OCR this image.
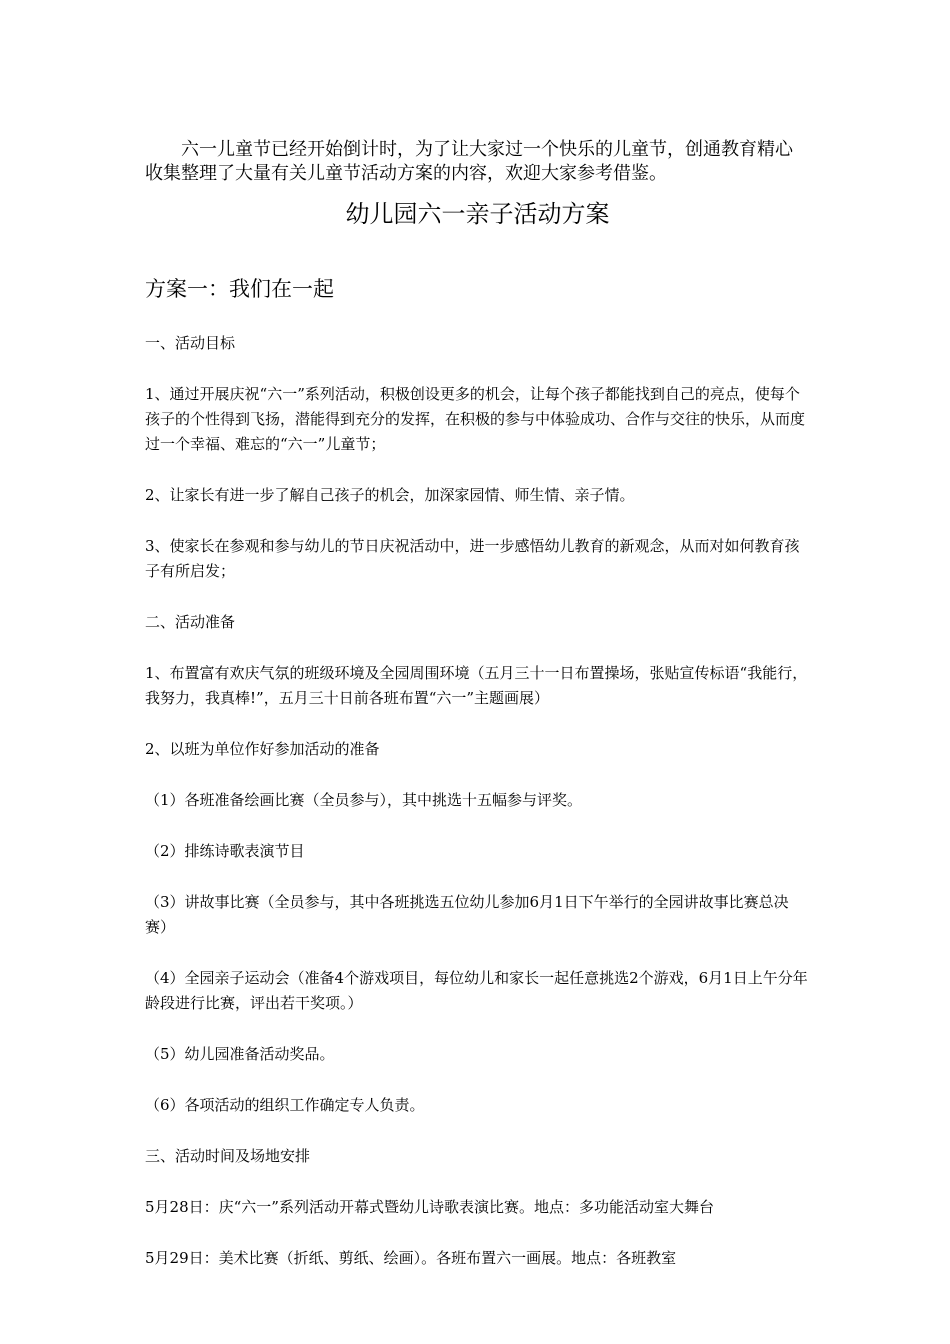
六一儿童节已经开始倒计时，为了让大家过一个快乐的儿童节，创通教育精心收集整理了大量有关儿童节活动方案的内容，欢迎大家参考借鉴。

幼儿园六一亲子活动方案
方案一：我们在一起

一、活动目标

1、通过开展庆祝“六一”系列活动，积极创设更多的机会，让每个孩子都能找到自己的亮点，使每个孩子的个性得到飞扬，潜能得到充分的发挥，在积极的参与中体验成功、合作与交往的快乐，从而度过一个幸福、难忘的“六一”儿童节；

2、让家长有进一步了解自己孩子的机会，加深家园情、师生情、亲子情。

3、使家长在参观和参与幼儿的节日庆祝活动中，进一步感悟幼儿教育的新观念，从而对如何教育孩子有所启发；

二、活动准备

1、布置富有欢庆气氛的班级环境及全园周围环境（五月三十一日布置操场，张贴宣传标语“我能行，我努力，我真棒!”，五月三十日前各班布置“六一”主题画展）

2、以班为单位作好参加活动的准备

（1）各班准备绘画比赛（全员参与），其中挑选十五幅参与评奖。

（2）排练诗歌表演节目

（3）讲故事比赛（全员参与，其中各班挑选五位幼儿参加6月1日下午举行的全园讲故事比赛总决赛）

（4）全园亲子运动会（准备4个游戏项目，每位幼儿和家长一起任意挑选2个游戏，6月1日上午分年龄段进行比赛，评出若干奖项。）

（5）幼儿园准备活动奖品。

（6）各项活动的组织工作确定专人负责。

三、活动时间及场地安排

5月28日：庆“六一”系列活动开幕式暨幼儿诗歌表演比赛。地点：多功能活动室大舞台

5月29日：美术比赛（折纸、剪纸、绘画）。各班布置六一画展。地点：各班教室
